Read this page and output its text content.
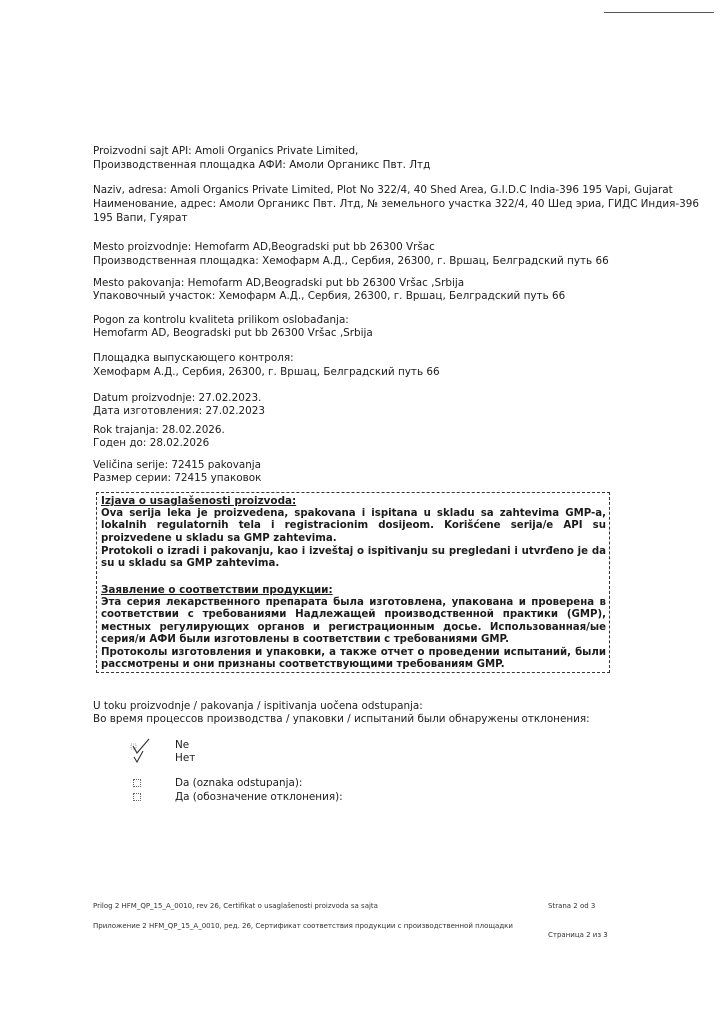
Proizvodni sajt API: Amoli Organics Private Limited,
Производственная площадка АФИ: Амоли Органикс Пвт. Лтд
Naziv, adresa: Amoli Organics Private Limited, Plot No 322/4, 40 Shed Area, G.I.D.C India-396 195 Vapi, Gujarat
Наименование, адрес: Амоли Органикс Пвт. Лтд, № земельного участка 322/4, 40 Шед эриа, ГИДС Индия-396
195 Вапи, Гуярат
Mesto proizvodnje: Hemofarm AD,Beogradski put bb 26300 Vršac
Производственная площадка: Хемофарм А.Д., Сербия, 26300, г. Вршац, Белградский путь 66
Mesto pakovanja: Hemofarm AD,Beogradski put bb 26300 Vršac ,Srbija
Упаковочный участок: Хемофарм А.Д., Сербия, 26300, г. Вршац, Белградский путь 66
Pogon za kontrolu kvaliteta prilikom oslobađanja:
Hemofarm AD, Beogradski put bb 26300 Vršac ,Srbija
Площадка выпускающего контроля:
Хемофарм А.Д., Сербия, 26300, г. Вршац, Белградский путь 66
Datum proizvodnje: 27.02.2023.
Дата изготовления: 27.02.2023
Rok trajanja: 28.02.2026.
Годен до: 28.02.2026
Veličina serije: 72415 pakovanja
Размер серии: 72415 упаковок
Izjava o usaglašenosti proizvoda:
Ova serija leka je proizvedena, spakovana i ispitana u skladu sa zahtevima GMP-a, lokalnih regulatornih tela i registracionim dosijeom. Korišćene serija/e API su proizvedene u skladu sa GMP zahtevima.
Protokoli o izradi i pakovanju, kao i izveštaj o ispitivanju su pregledani i utvrđeno je da su u skladu sa GMP zahtevima.
Заявление о соответствии продукции:
Эта серия лекарственного препарата была изготовлена, упакована и проверена в соответствии с требованиями Надлежащей производственной практики (GMP), местных регулирующих органов и регистрационным досье. Использованная/ые серия/и АФИ были изготовлены в соответствии с требованиями GMP.
Протоколы изготовления и упаковки, а также отчет о проведении испытаний, были рассмотрены и они признаны соответствующими требованиям GMP.
U toku proizvodnje / pakovanja / ispitivanja uočena odstupanja:
Во время процессов производства / упаковки / испытаний были обнаружены отклонения:
Ne
Нет
Da (oznaka odstupanja):
Да (обозначение отклонения):
Prilog 2 HFM_QP_15_A_0010, rev 26, Certifikat o usaglašenosti proizvoda sa sajta	Strana 2 od 3
Приложение 2 HFM_QP_15_A_0010, ред. 26, Сертификат соответствия продукции с производственной площадки
Страница 2 из 3
